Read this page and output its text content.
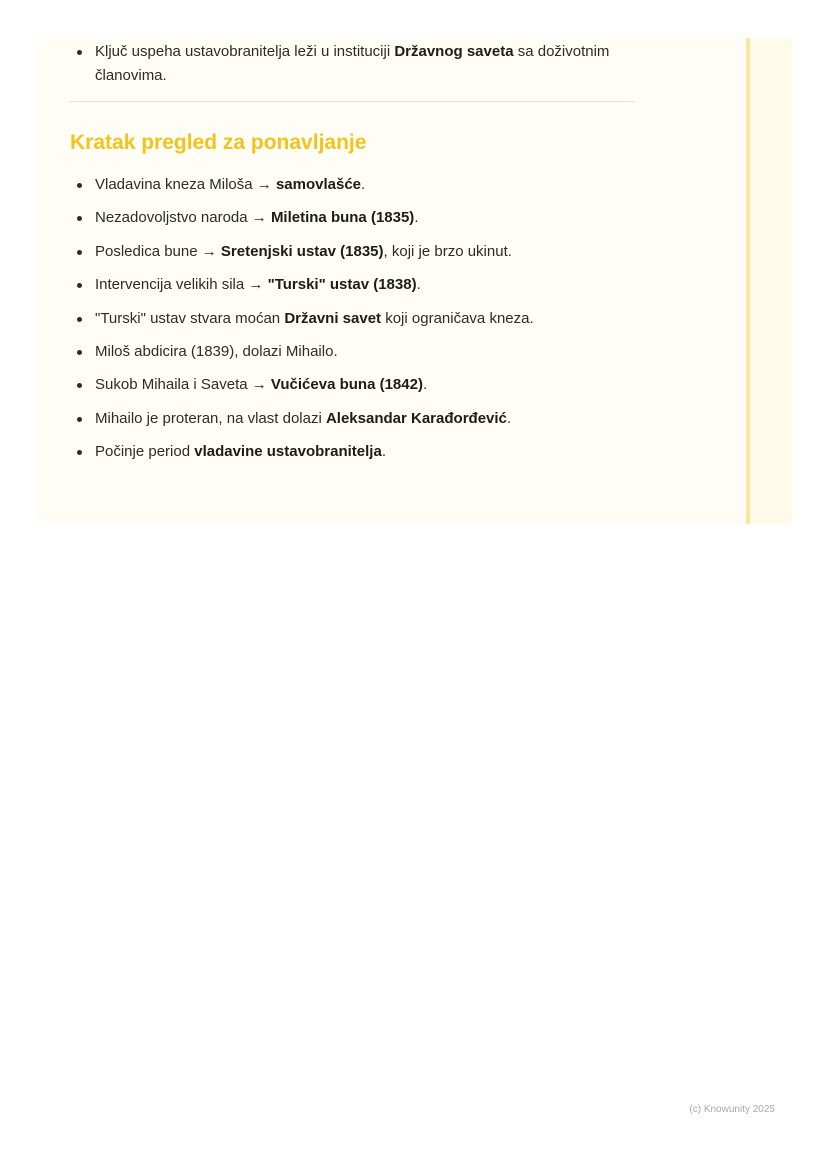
Ključ uspeha ustavobranitelja leži u instituciji Državnog saveta sa doživotnim članovima.
Kratak pregled za ponavljanje
Vladavina kneza Miloša → samovlašće.
Nezadovoljstvo naroda → Miletina buna (1835).
Posledica bune → Sretenjski ustav (1835), koji je brzo ukinut.
Intervencija velikih sila → "Turski" ustav (1838).
"Turski" ustav stvara moćan Državni savet koji ograničava kneza.
Miloš abdicira (1839), dolazi Mihailo.
Sukob Mihaila i Saveta → Vučićeva buna (1842).
Mihailo je proteran, na vlast dolazi Aleksandar Karađorđević.
Počinje period vladavine ustavobranitelja.
(c) Knowunity 2025
